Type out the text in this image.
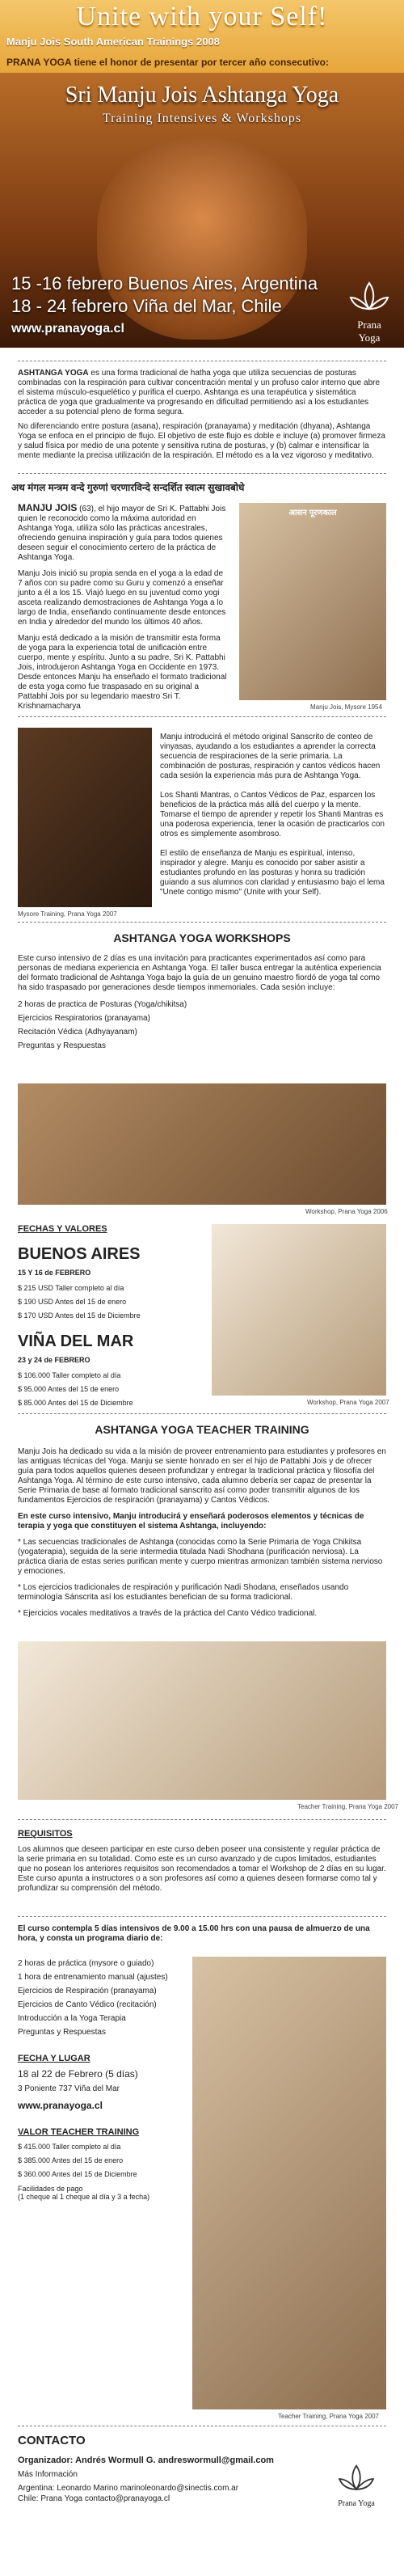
Unite with your Self!
Manju Jois South American Trainings 2008
PRANA YOGA tiene el honor de presentar por tercer año consecutivo:
Sri Manju Jois Ashtanga Yoga
Training Intensives & Workshops
15 -16 febrero Buenos Aires, Argentina
18 - 24 febrero Viña del Mar, Chile
www.pranayoga.cl	Prana Yoga

ASHTANGA YOGA es una forma tradicional de hatha yoga que utiliza secuencias de posturas combinadas con la respiración para cultivar concentración mental y un profuso calor interno que abre el sistema músculo-esquelético y purifica el cuerpo. Ashtanga es una terapéutica y sistemática práctica de yoga que gradualmente va progresando en dificultad permitiendo así a los estudiantes acceder a su potencial pleno de forma segura.

No diferenciando entre postura (asana), respiración (pranayama) y meditación (dhyana), Ashtanga Yoga se enfoca en el principio de flujo. El objetivo de este flujo es doble e incluye (a) promover firmeza y salud física por medio de una potente y sensitiva rutina de posturas, y (b) calmar e intensificar la mente mediante la precisa utilización de la respiración. El método es a la vez vigoroso y meditativo.

अथ मंगल मन्त्रम वन्दे गुरुणां चरणारविन्दे सन्दर्शित स्वात्म सुखावबोधे

MANJU JOIS (63), el hijo mayor de Sri K. Pattabhi Jois quien le reconocido como la máxima autoridad en Ashtanga Yoga, utiliza sólo las prácticas ancestrales, ofreciendo genuina inspiración y guía para todos quienes deseen seguir el conocimiento certero de la práctica de Ashtanga Yoga.

Manju Jois inició su propia senda en el yoga a la edad de 7 años con su padre como su Guru y comenzó a enseñar junto a él a los 15. Viajó luego en su juventud como yogi asceta realizando demostraciones de Ashtanga Yoga a lo largo de India, enseñando continuamente desde entonces en India y alrededor del mundo los últimos 40 años.

Manju está dedicado a la misión de transmitir esta forma de yoga para la experiencia total de unificación entre cuerpo, mente y espíritu. Junto a su padre, Sri K. Pattabhi Jois, introdujeron Ashtanga Yoga en Occidente en 1973. Desde entonces Manju ha enseñado el formato tradicional de esta yoga como fue traspasado en su original a Pattabhi Jois por su legendario maestro Sri T. Krishnamacharya

आसन पूरणकाल
Manju Jois, Mysore 1954
Mysore Training, Prana Yoga 2007

Manju introducirá el método original Sanscrito de conteo de vinyasas, ayudando a los estudiantes a aprender la correcta secuencia de respiraciones de la serie primaria. La combinación de posturas, respiración y cantos védicos hacen cada sesión la experiencia más pura de Ashtanga Yoga.

Los Shanti Mantras, o Cantos Védicos de Paz, esparcen los beneficios de la práctica más allá del cuerpo y la mente. Tomarse el tiempo de aprender y repetir los Shanti Mantras es una poderosa experiencia, tener la ocasión de practicarlos con otros es simplemente asombroso.

El estilo de enseñanza de Manju es espiritual, intenso, inspirador y alegre. Manju es conocido por saber asistir a estudiantes profundo en las posturas y honra su tradición guiando a sus alumnos con claridad y entusiasmo bajo el lema "Unete contigo mismo" (Unite with your Self).

ASHTANGA YOGA WORKSHOPS

Este curso intensivo de 2 días es una invitación para practicantes experimentados así como para personas de mediana experiencia en Ashtanga Yoga. El taller busca entregar la auténtica experiencia del formato tradicional de Ashtanga Yoga bajo la guía de un genuino maestro fiordó de yoga tal como ha sido traspasado por generaciones desde tiempos inmemoriales. Cada sesión incluye:

2 horas de practica de Posturas (Yoga/chikitsa)
Ejercicios Respiratorios (pranayama)
Recitación Védica (Adhyayanam)
Preguntas y Respuestas
Workshop, Prana Yoga 2006
FECHAS Y VALORES
BUENOS AIRES
15 Y 16 de FEBRERO
$ 215 USD Taller completo al día
$ 190 USD Antes del 15 de enero
$ 170 USD Antes del 15 de Diciembre
VIÑA DEL MAR
23 y 24 de FEBRERO
$ 106.000 Taller completo al día
$ 95.000 Antes del 15 de enero
$ 85.000 Antes del 15 de Diciembre	Workshop, Prana Yoga 2007
ASHTANGA YOGA TEACHER TRAINING

Manju Jois ha dedicado su vida a la misión de proveer entrenamiento para estudiantes y profesores en las antiguas técnicas del Yoga. Manju se siente honrado en ser el hijo de Pattabhi Jois y de ofrecer guía para todos aquellos quienes deseen profundizar y entregar la tradicional práctica y filosofía del Ashtanga Yoga. Al término de este curso intensivo, cada alumno debería ser capaz de presentar la Serie Primaria de base al formato tradicional sanscrito así como poder transmitir algunos de los fundamentos Ejercicios de respiración (pranayama) y Cantos Védicos.

En este curso intensivo, Manju introducirá y enseñará poderosos elementos y técnicas de terapia y yoga que constituyen el sistema Ashtanga, incluyendo:

* Las secuencias tradicionales de Ashtanga (conocidas como la Serie Primaria de Yoga Chikitsa (yogaterapia), seguida de la serie intermedia titulada Nadi Shodhana (purificación nerviosa). La práctica diaria de estas series purifican mente y cuerpo mientras armonizan también sistema nervioso y emociones.

* Los ejercicios tradicionales de respiración y purificación Nadi Shodana, enseñados usando terminología Sánscrita así los estudiantes benefician de su forma tradicional.

* Ejercicios vocales meditativos a través de la práctica del Canto Védico tradicional.

Teacher Training, Prana Yoga 2007
REQUISITOS

Los alumnos que deseen participar en este curso deben poseer una consistente y regular práctica de la serie primaria en su totalidad. Como este es un curso avanzado y de cupos limitados, estudiantes que no posean los anteriores requisitos son recomendados a tomar el Workshop de 2 días en su lugar. Este curso apunta a instructores o a son profesores así como a quienes deseen formarse como tal y profundizar su comprensión del método.

El curso contempla 5 días intensivos de 9.00 a 15.00 hrs con una pausa de almuerzo de una hora, y consta un programa diario de:

2 horas de práctica (mysore o guiado)
1 hora de entrenamiento manual (ajustes)
Ejercicios de Respiración (pranayama)
Ejercicios de Canto Védico (recitación)
Introducción a la Yoga Terapia
Preguntas y Respuestas
FECHA Y LUGAR
18 al 22 de Febrero (5 días)
3 Poniente 737 Viña del Mar
www.pranayoga.cl
VALOR TEACHER TRAINING
$ 415.000 Taller completo al día
$ 385.000 Antes del 15 de enero
$ 360.000 Antes del 15 de Diciembre
Facilidades de pago
(1 cheque al 1 cheque al día y 3 a fecha)
Teacher Training, Prana Yoga 2007
CONTACTO
Organizador: Andrés Wormull G. andreswormull@gmail.com
Más Información
Argentina: Leonardo Marino marinoleonardo@sinectis.com.ar
Chile: Prana Yoga contacto@pranayoga.cl
Prana Yoga
